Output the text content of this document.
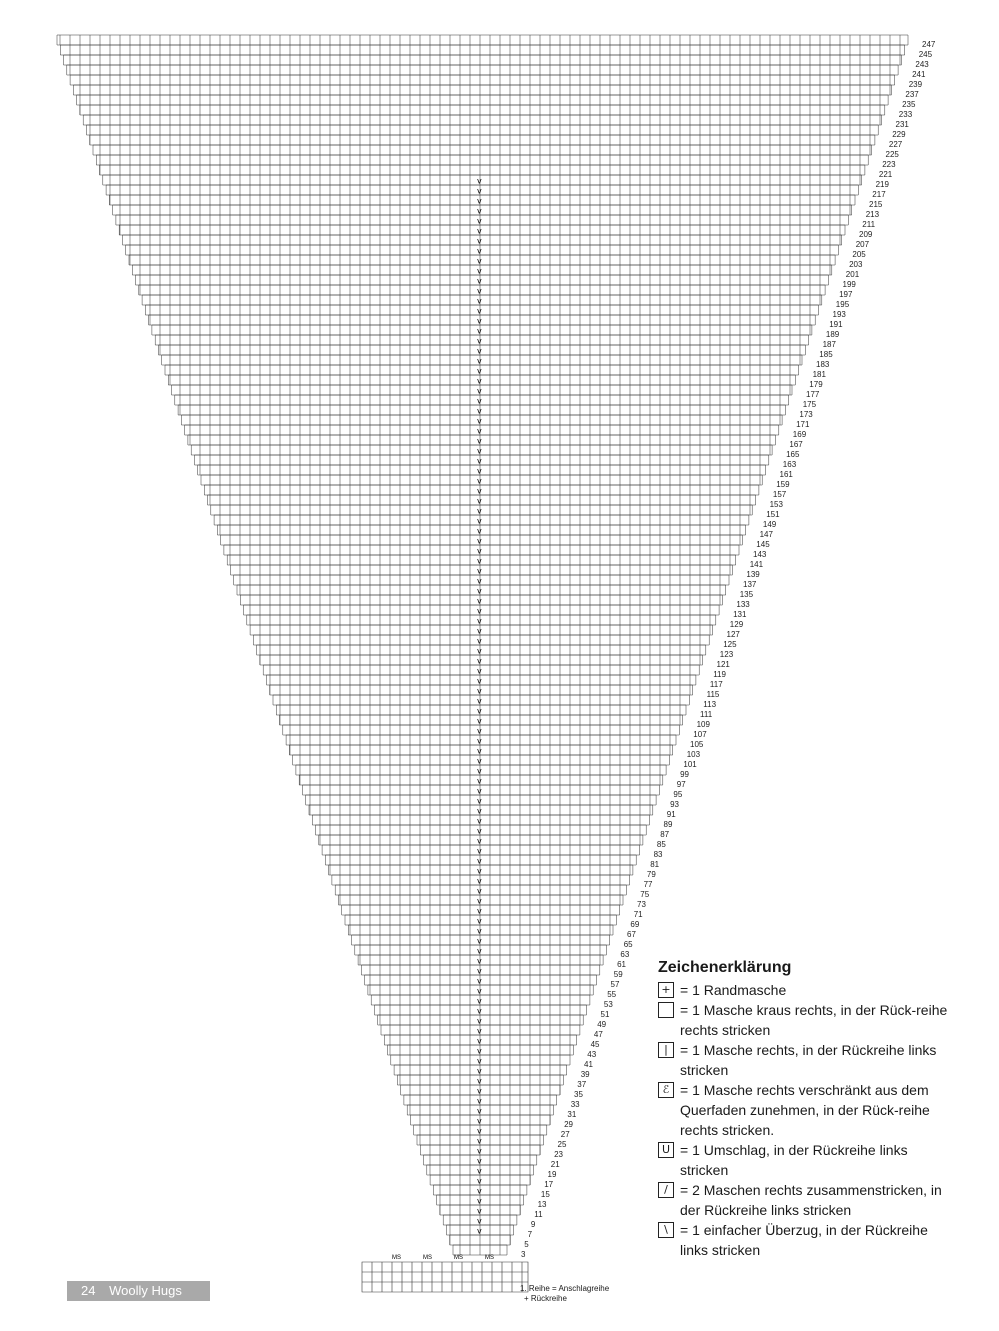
v
v
v
v
v
v
v
v
v
v
v
v
v
v
v
v
v
v
v
v
v
v
v
v
v
v
v
v
v
v
v
v
v
v
v
v
v
v
v
v
v
v
v
v
v
v
v
v
v
v
v
v
v
v
v
v
v
v
v
v
v
v
v
v
v
v
v
v
v
v
v
v
v
v
v
v
v
v
v
v
v
v
v
v
v
v
v
v
v
v
v
v
v
v
v
v
v
v
v
v
v
v
v
v
v
v
247
245
243
241
239
237
235
233
231
229
227
225
223
221
219
217
215
213
211
209
207
205
203
201
199
197
195
193
191
189
187
185
183
181
179
177
175
173
171
169
167
165
163
161
159
157
153
151
149
147
145
143
141
139
137
135
133
131
129
127
125
123
121
119
117
115
113
111
109
107
105
103
101
99
97
95
93
91
89
87
85
83
81
79
77
75
73
71
69
67
65
63
61
59
57
55
53
51
49
47
45
43
41
39
37
35
33
31
29
27
25
23
21
19
17
15
13
11
9
7
5
3
MS	MS	MS	MS
Zeichenerklärung
+ = 1 Randmasche
= 1 Masche kraus rechts, in der Rück-reihe rechts stricken
| = 1 Masche rechts, in der Rückreihe links stricken
ℰ = 1 Masche rechts verschränkt aus dem Querfaden zunehmen, in der Rück-reihe rechts stricken.
U = 1 Umschlag, in der Rückreihe links stricken
/ = 2 Maschen rechts zusammenstricken, in der Rückreihe links stricken
\ = 1 einfacher Überzug, in der Rückreihe links stricken
1. Reihe = Anschlagreihe
+ Rückreihe
24 Woolly Hugs
